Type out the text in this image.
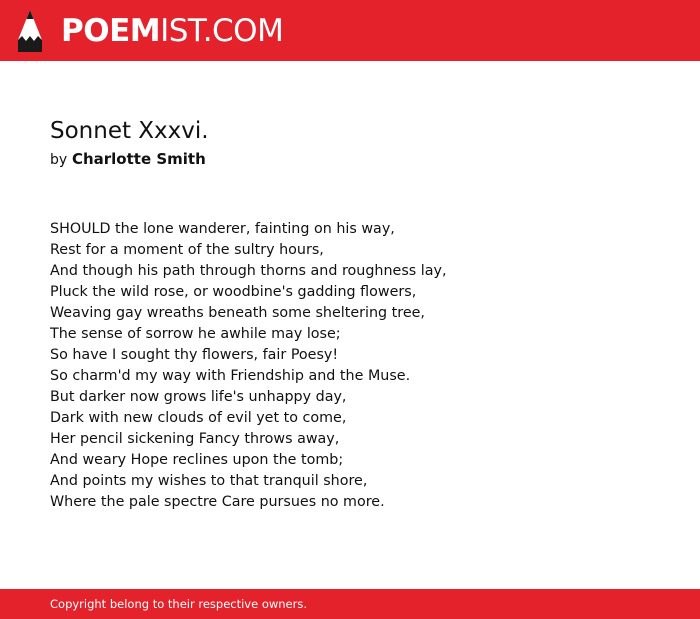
POEMIST.COM
Sonnet Xxxvi.
by Charlotte Smith
SHOULD the lone wanderer, fainting on his way,
Rest for a moment of the sultry hours,
And though his path through thorns and roughness lay,
Pluck the wild rose, or woodbine's gadding flowers,
Weaving gay wreaths beneath some sheltering tree,
The sense of sorrow he awhile may lose;
So have I sought thy flowers, fair Poesy!
So charm'd my way with Friendship and the Muse.
But darker now grows life's unhappy day,
Dark with new clouds of evil yet to come,
Her pencil sickening Fancy throws away,
And weary Hope reclines upon the tomb;
And points my wishes to that tranquil shore,
Where the pale spectre Care pursues no more.
Copyright belong to their respective owners.
